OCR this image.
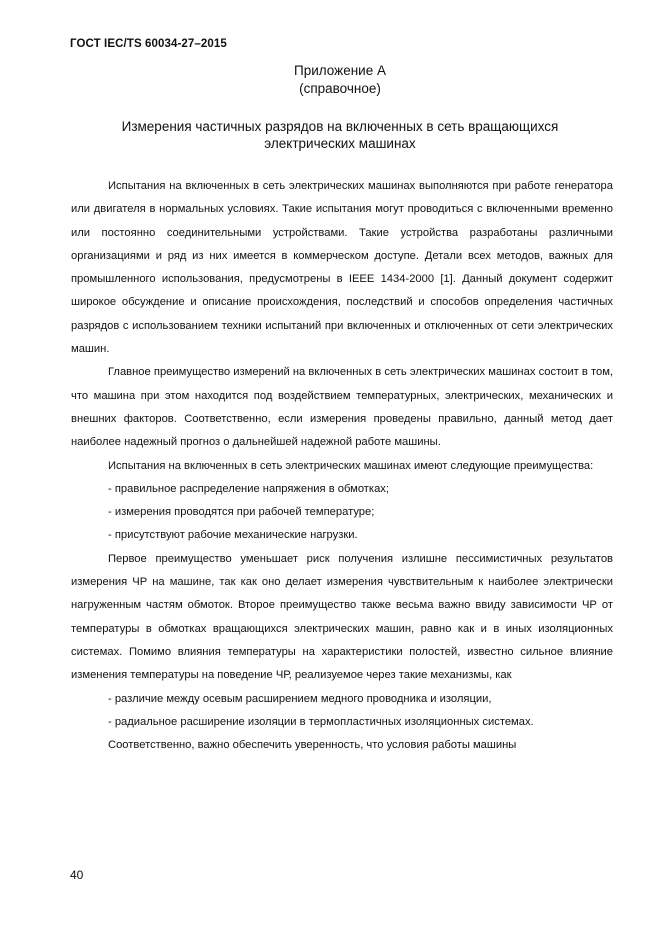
ГОСТ IEC/TS 60034-27–2015
Приложение А
(справочное)
Измерения частичных разрядов на включенных в сеть вращающихся
электрических машинах

Испытания на включенных в сеть электрических машинах выполняются при работе генератора или двигателя в нормальных условиях. Такие испытания могут проводиться с включенными временно или постоянно соединительными устройствами. Такие устройства разработаны различными организациями и ряд из них имеется в коммерческом доступе. Детали всех методов, важных для промышленного использования, предусмотрены в IEEE 1434-2000 [1]. Данный документ содержит широкое обсуждение и описание происхождения, последствий и способов определения частичных разрядов с использованием техники испытаний при включенных и отключенных от сети электрических машин.

Главное преимущество измерений на включенных в сеть электрических машинах состоит в том, что машина при этом находится под воздействием температурных, электрических, механических и внешних факторов. Соответственно, если измерения проведены правильно, данный метод дает наиболее надежный прогноз о дальнейшей надежной работе машины.

Испытания на включенных в сеть электрических машинах имеют следующие преимущества:

- правильное распределение напряжения в обмотках;
- измерения проводятся при рабочей температуре;
- присутствуют рабочие механические нагрузки.

Первое преимущество уменьшает риск получения излишне пессимистичных результатов измерения ЧР на машине, так как оно делает измерения чувствительным к наиболее электрически нагруженным частям обмоток. Второе преимущество также весьма важно ввиду зависимости ЧР от температуры в обмотках вращающихся электрических машин, равно как и в иных изоляционных системах. Помимо влияния температуры на характеристики полостей, известно сильное влияние изменения температуры на поведение ЧР, реализуемое через такие механизмы, как

- различие между осевым расширением медного проводника и изоляции,
- радиальное расширение изоляции в термопластичных изоляционных системах.

Соответственно, важно обеспечить уверенность, что условия работы машины

40
